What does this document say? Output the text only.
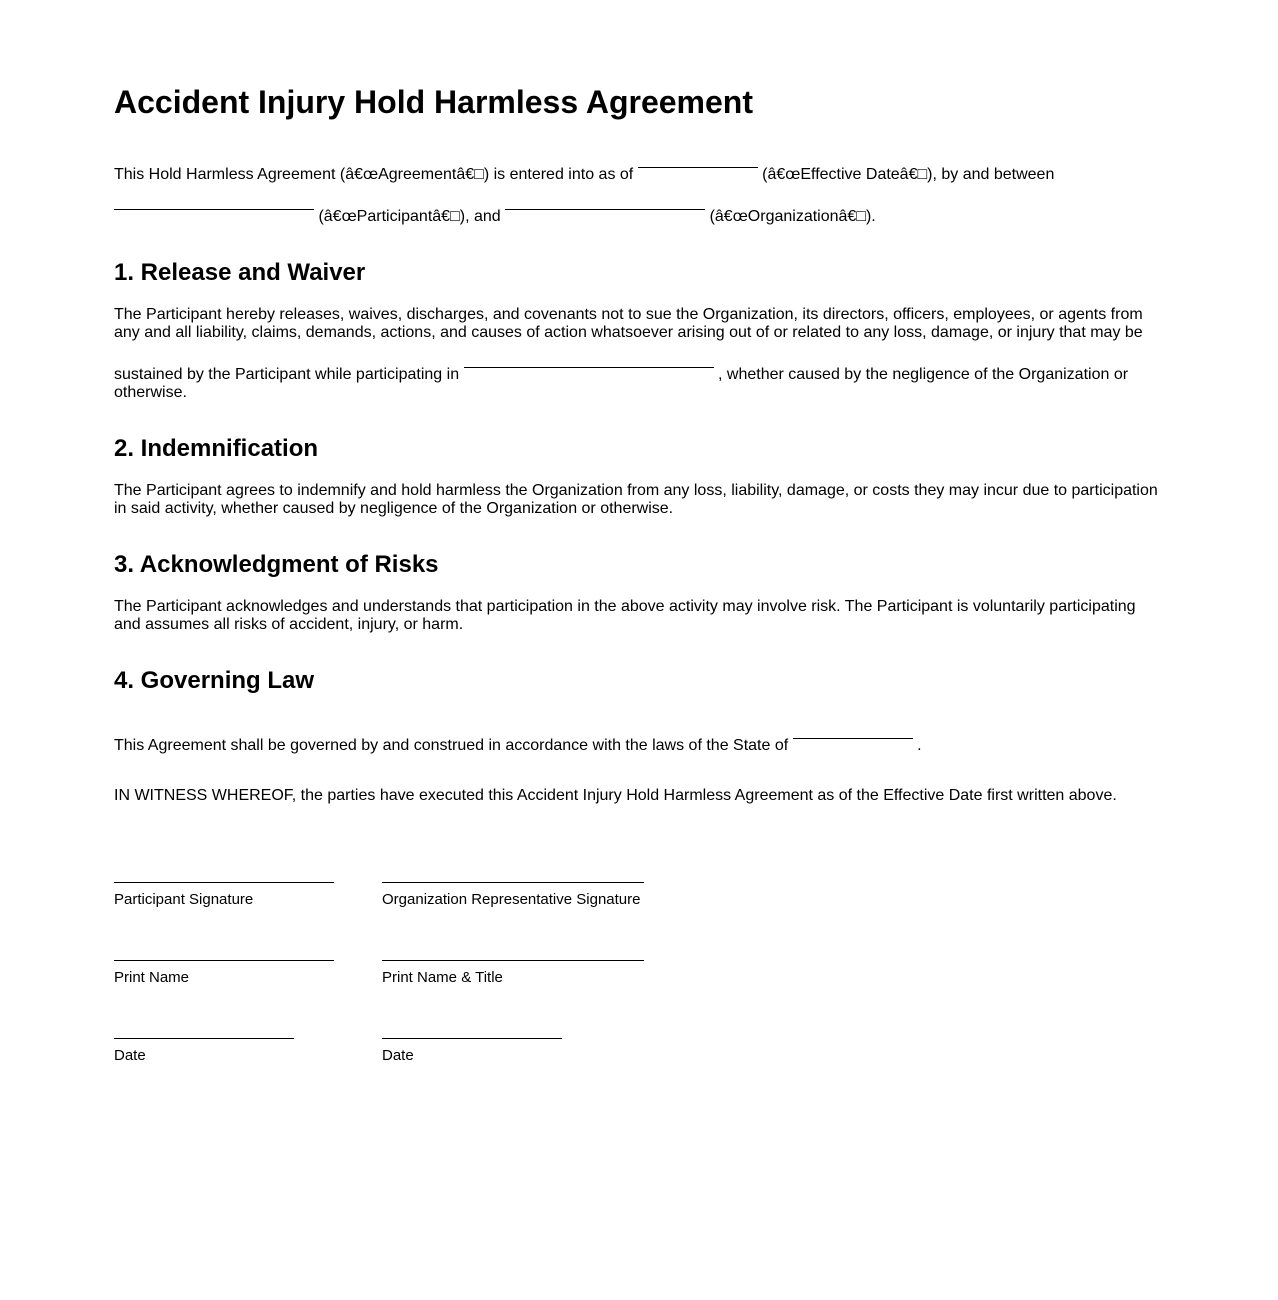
Accident Injury Hold Harmless Agreement
This Hold Harmless Agreement (â€œAgreementâ€□) is entered into as of	(â€œEffective Dateâ€□), by and between
(â€œParticipantâ€□), and	(â€œOrganizationâ€□).
1. Release and Waiver
The Participant hereby releases, waives, discharges, and covenants not to sue the Organization, its directors, officers, employees, or agents from any and all liability, claims, demands, actions, and causes of action whatsoever arising out of or related to any loss, damage, or injury that may be
sustained by the Participant while participating in	, whether caused by the negligence of the Organization or
otherwise.
2. Indemnification
The Participant agrees to indemnify and hold harmless the Organization from any loss, liability, damage, or costs they may incur due to participation in said activity, whether caused by negligence of the Organization or otherwise.
3. Acknowledgment of Risks
The Participant acknowledges and understands that participation in the above activity may involve risk. The Participant is voluntarily participating and assumes all risks of accident, injury, or harm.
4. Governing Law
This Agreement shall be governed by and construed in accordance with the laws of the State of	.
IN WITNESS WHEREOF, the parties have executed this Accident Injury Hold Harmless Agreement as of the Effective Date first written above.
Participant Signature	Organization Representative Signature
Print Name	Print Name & Title
Date	Date
